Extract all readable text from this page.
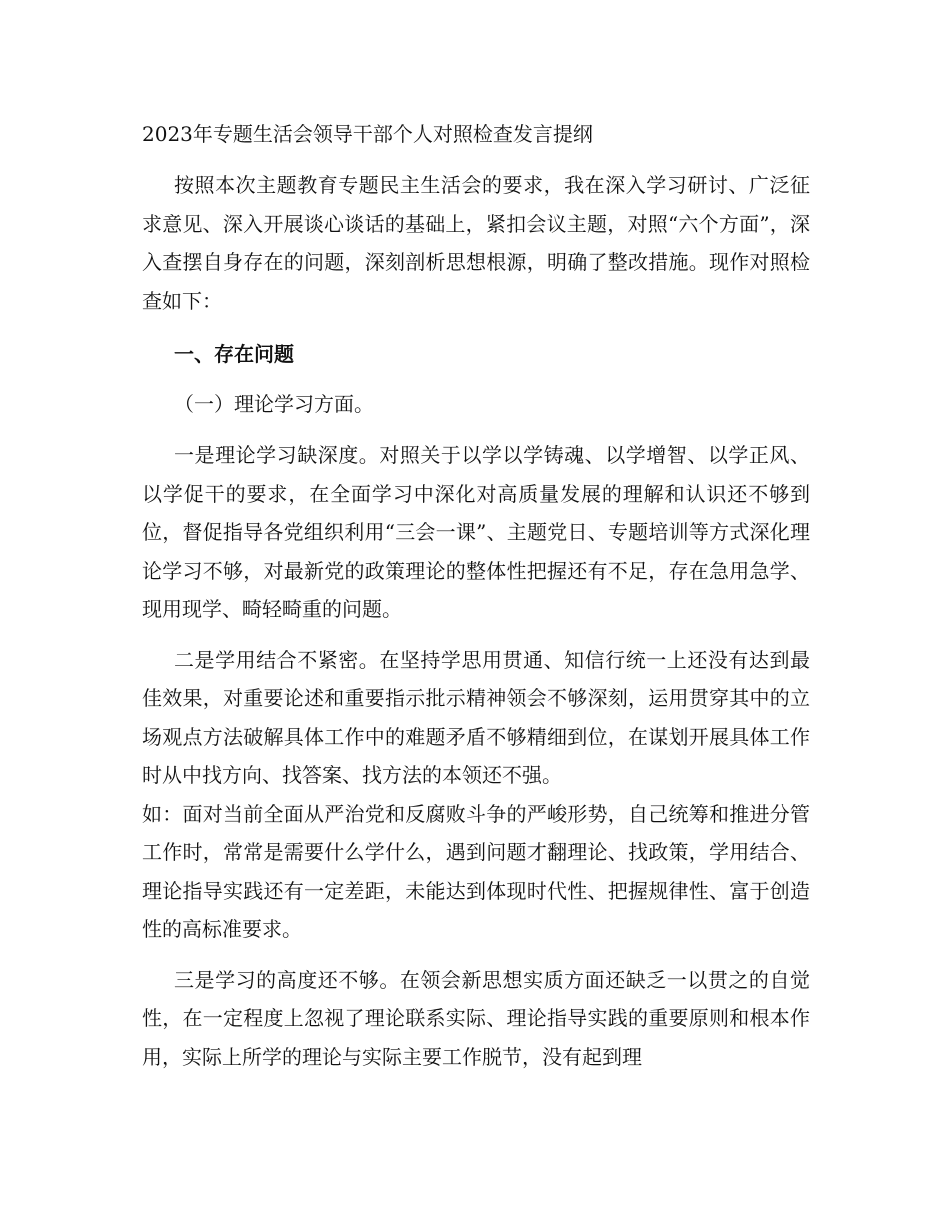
2023年专题生活会领导干部个人对照检查发言提纲

按照本次主题教育专题民主生活会的要求，我在深入学习研讨、广泛征求意见、深入开展谈心谈话的基础上，紧扣会议主题，对照“六个方面”，深入查摆自身存在的问题，深刻剖析思想根源，明确了整改措施。现作对照检查如下：

一、存在问题

（一）理论学习方面。

一是理论学习缺深度。对照关于以学以学铸魂、以学增智、以学正风、以学促干的要求，在全面学习中深化对高质量发展的理解和认识还不够到位，督促指导各党组织利用“三会一课”、主题党日、专题培训等方式深化理论学习不够，对最新党的政策理论的整体性把握还有不足，存在急用急学、现用现学、畸轻畸重的问题。

二是学用结合不紧密。在坚持学思用贯通、知信行统一上还没有达到最佳效果，对重要论述和重要指示批示精神领会不够深刻，运用贯穿其中的立场观点方法破解具体工作中的难题矛盾不够精细到位，在谋划开展具体工作时从中找方向、找答案、找方法的本领还不强。

如：面对当前全面从严治党和反腐败斗争的严峻形势，自己统筹和推进分管工作时，常常是需要什么学什么，遇到问题才翻理论、找政策，学用结合、理论指导实践还有一定差距，未能达到体现时代性、把握规律性、富于创造性的高标准要求。

三是学习的高度还不够。在领会新思想实质方面还缺乏一以贯之的自觉性，在一定程度上忽视了理论联系实际、理论指导实践的重要原则和根本作用，实际上所学的理论与实际主要工作脱节，没有起到理
